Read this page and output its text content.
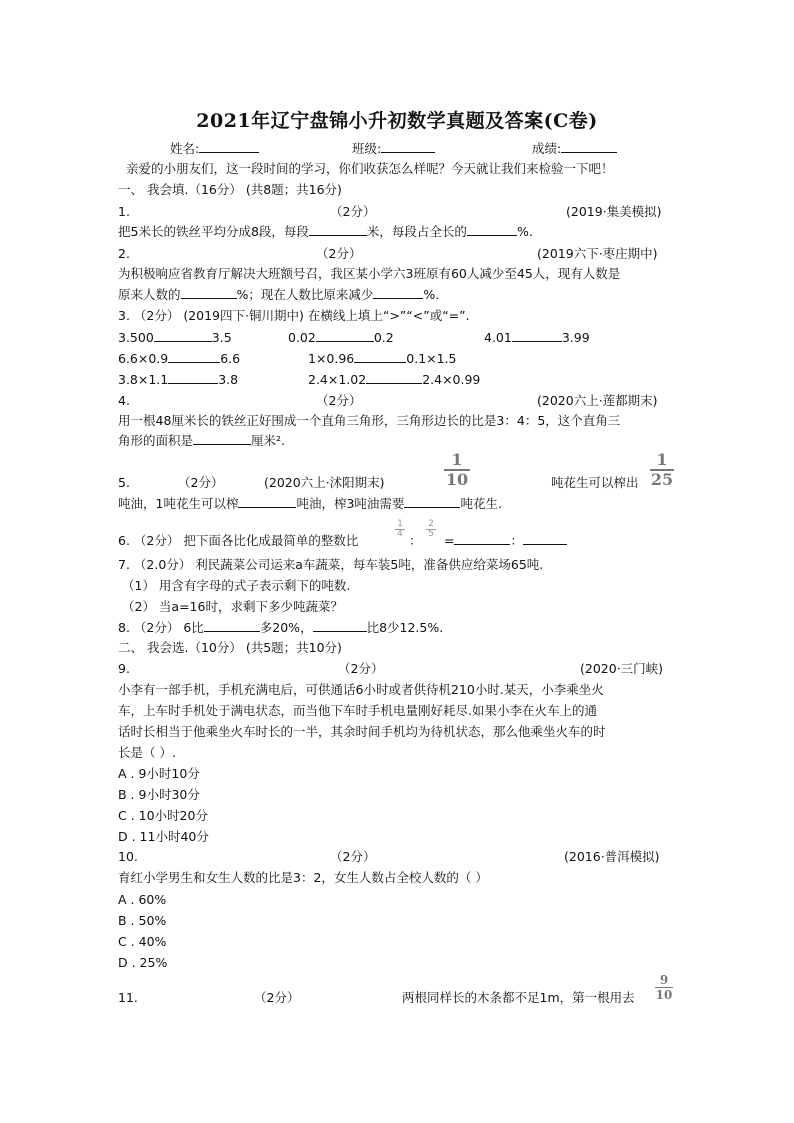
2021年辽宁盘锦小升初数学真题及答案(C卷)
姓名:	班级:	成绩:
亲爱的小朋友们，这一段时间的学习，你们收获怎么样呢？今天就让我们来检验一下吧！
一、 我会填.（16分） (共8题；共16分)
1.	（2分）	(2019·集美模拟)
把5米长的铁丝平均分成8段，每段	米，每段占全长的	%.
2.	（2分）	(2019六下·枣庄期中)
为积极响应省教育厅解决大班额号召，我区某小学六3班原有60人减少至45人，现有人数是
原来人数的	%；现在人数比原来减少	%.
3. （2分） (2019四下·铜川期中) 在横线上填上“>”“<”或“=”.
3.500	3.5	0.02	0.2	4.01	3.99
6.6×0.9	6.6	1×0.96	0.1×1.5
3.8×1.1	3.8	2.4×1.02	2.4×0.99
4.	（2分）	(2020六上·莲都期末)
用一根48厘米长的铁丝正好围成一个直角三角形，三角形边长的比是3：4：5，这个直角三
角形的面积是	厘米².
5.	（2分）	(2020六上·沭阳期末)
1
10	吨花生可以榨出
1
25
吨油，1吨花生可以榨	吨油，榨3吨油需要	吨花生.
6. （2分） 把下面各比化成最简单的整数比
1
4 ：
2
5 =	：
7. （2.0分） 利民蔬菜公司运来a车蔬菜，每车装5吨，准备供应给菜场65吨.
（1） 用含有字母的式子表示剩下的吨数.
（2） 当a=16时，求剩下多少吨蔬菜？
8. （2分） 6比	多20%，	比8少12.5%.
二、 我会选.（10分） (共5题；共10分)
9.	（2分）	(2020·三门峡)
小李有一部手机，手机充满电后，可供通话6小时或者供待机210小时.某天，小李乘坐火
车，上车时手机处于满电状态，而当他下车时手机电量刚好耗尽.如果小李在火车上的通
话时长相当于他乘坐火车时长的一半，其余时间手机均为待机状态，那么他乘坐火车的时
长是（ ）.
A . 9小时10分
B . 9小时30分
C . 10小时20分
D . 11小时40分
10.	（2分）	(2016·普洱模拟)
育红小学男生和女生人数的比是3：2，女生人数占全校人数的（ ）
A . 60%
B . 50%
C . 40%
D . 25%
11.	（2分）	两根同样长的木条都不足1m，第一根用去
9
10
